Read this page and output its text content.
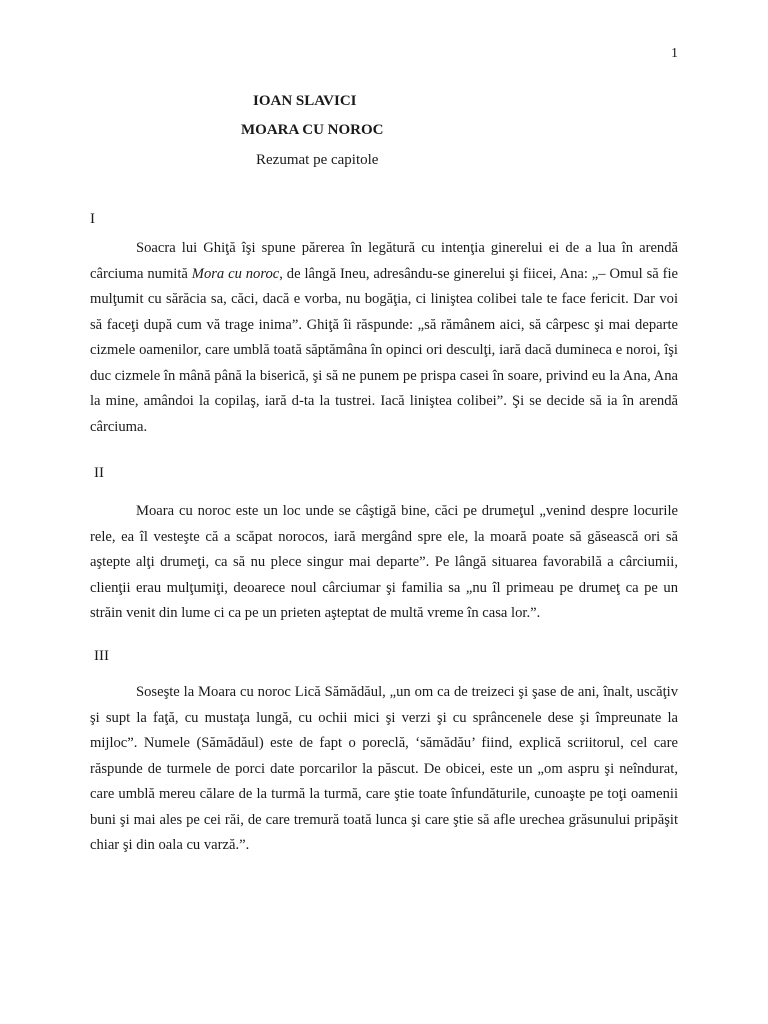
1
IOAN SLAVICI
MOARA CU NOROC
Rezumat pe capitole
I

Soacra lui Ghiţă îşi spune părerea în legătură cu intenţia ginerelui ei de a lua în arendă cârciuma numită Mora cu noroc, de lângă Ineu, adresându-se ginerelui şi fiicei, Ana: „– Omul să fie mulţumit cu sărăcia sa, căci, dacă e vorba, nu bogăţia, ci liniştea colibei tale te face fericit. Dar voi să faceţi după cum vă trage inima”. Ghiţă îi răspunde: „să rămânem aici, să cârpesc şi mai departe cizmele oamenilor, care umblă toată săptămâna în opinci ori desculţi, iară dacă dumineca e noroi, îşi duc cizmele în mână până la biserică, şi să ne punem pe prispa casei în soare, privind eu la Ana, Ana la mine, amândoi la copilaş, iară d-ta la tustrei. Iacă liniştea colibei”. Şi se decide să ia în arendă cârciuma.

II

Moara cu noroc este un loc unde se câştigă bine, căci pe drumeţul „venind despre locurile rele, ea îl vesteşte că a scăpat norocos, iară mergând spre ele, la moară poate să găsească ori să aştepte alţi drumeţi, ca să nu plece singur mai departe”. Pe lângă situarea favorabilă a cârciumii, clienţii erau mulţumiţi, deoarece noul cârciumar şi familia sa „nu îl primeau pe drumeţ ca pe un străin venit din lume ci ca pe un prieten aşteptat de multă vreme în casa lor.”.

III

Soseşte la Moara cu noroc Lică Sămădăul, „un om ca de treizeci şi şase de ani, înalt, uscăţiv şi supt la faţă, cu mustaţa lungă, cu ochii mici şi verzi şi cu sprâncenele dese şi împreunate la mijloc”. Numele (Sămădăul) este de fapt o poreclă, ‘sămădău’ fiind, explică scriitorul, cel care răspunde de turmele de porci date porcarilor la păscut. De obicei, este un „om aspru şi neîndurat, care umblă mereu călare de la turmă la turmă, care ştie toate înfundăturile, cunoaşte pe toţi oamenii buni şi mai ales pe cei răi, de care tremură toată lunca şi care ştie să afle urechea grăsunului pripăşit chiar şi din oala cu varză.”.
